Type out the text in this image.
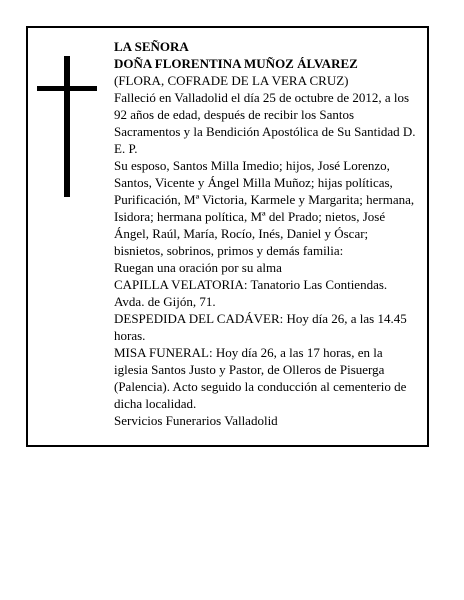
LA SEÑORA

DOÑA FLORENTINA MUÑOZ ÁLVAREZ

(FLORA, COFRADE DE LA VERA CRUZ)

Falleció en Valladolid el día 25 de octubre de 2012, a los 92 años de edad, después de recibir los Santos Sacramentos y la Bendición Apostólica de Su Santidad D. E. P.

Su esposo, Santos Milla Imedio; hijos, José Lorenzo, Santos, Vicente y Ángel Milla Muñoz; hijas políticas, Purificación, Mª Victoria, Karmele y Margarita; hermana, Isidora; hermana política, Mª del Prado; nietos, José Ángel, Raúl, María, Rocío, Inés, Daniel y Óscar; bisnietos, sobrinos, primos y demás familia:

Ruegan una oración por su alma

CAPILLA VELATORIA: Tanatorio Las Contiendas. Avda. de Gijón, 71.

DESPEDIDA DEL CADÁVER: Hoy día 26, a las 14.45 horas.

MISA FUNERAL: Hoy día 26, a las 17 horas, en la iglesia Santos Justo y Pastor, de Olleros de Pisuerga (Palencia). Acto seguido la conducción al cementerio de dicha localidad.

Servicios Funerarios Valladolid
